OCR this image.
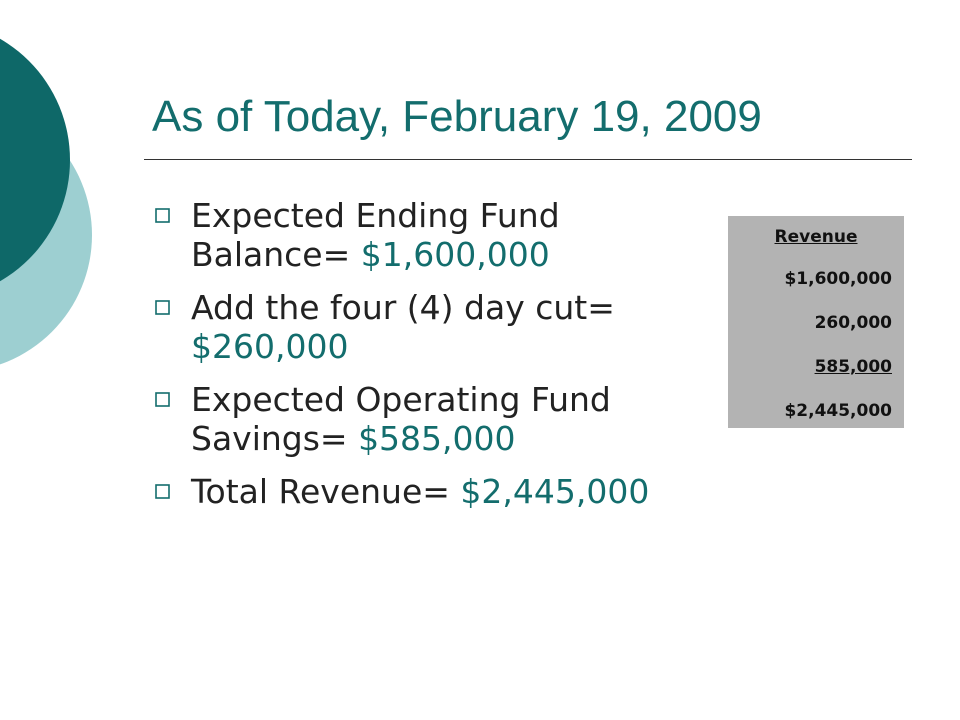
As of Today, February 19, 2009
Expected Ending Fund Balance= $1,600,000
Add the four (4) day cut= $260,000
Expected Operating Fund Savings= $585,000
Total Revenue= $2,445,000
Revenue
$1,600,000
260,000
585,000
$2,445,000
